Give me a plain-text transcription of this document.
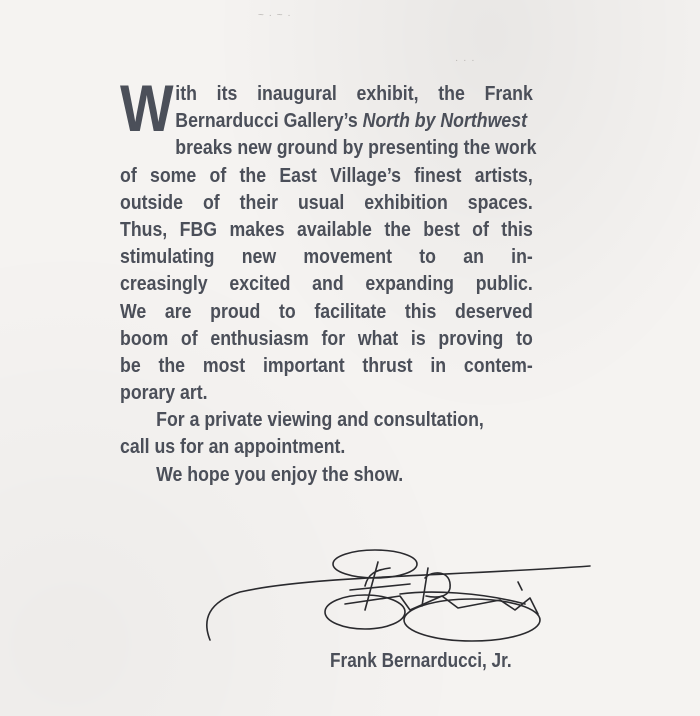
~ · ~ ·
· · ·
W ith its inaugural exhibit, the Frank
Bernarducci Gallery’s North by Northwest
breaks new ground by presenting the work
of some of the East Village’s finest artists,
outside of their usual exhibition spaces.
Thus, FBG makes available the best of this
stimulating new movement to an in-
creasingly excited and expanding public.
We are proud to facilitate this deserved
boom of enthusiasm for what is proving to
be the most important thrust in contem-
porary art.
For a private viewing and consultation,
call us for an appointment.
We hope you enjoy the show.
Frank Bernarducci, Jr.
